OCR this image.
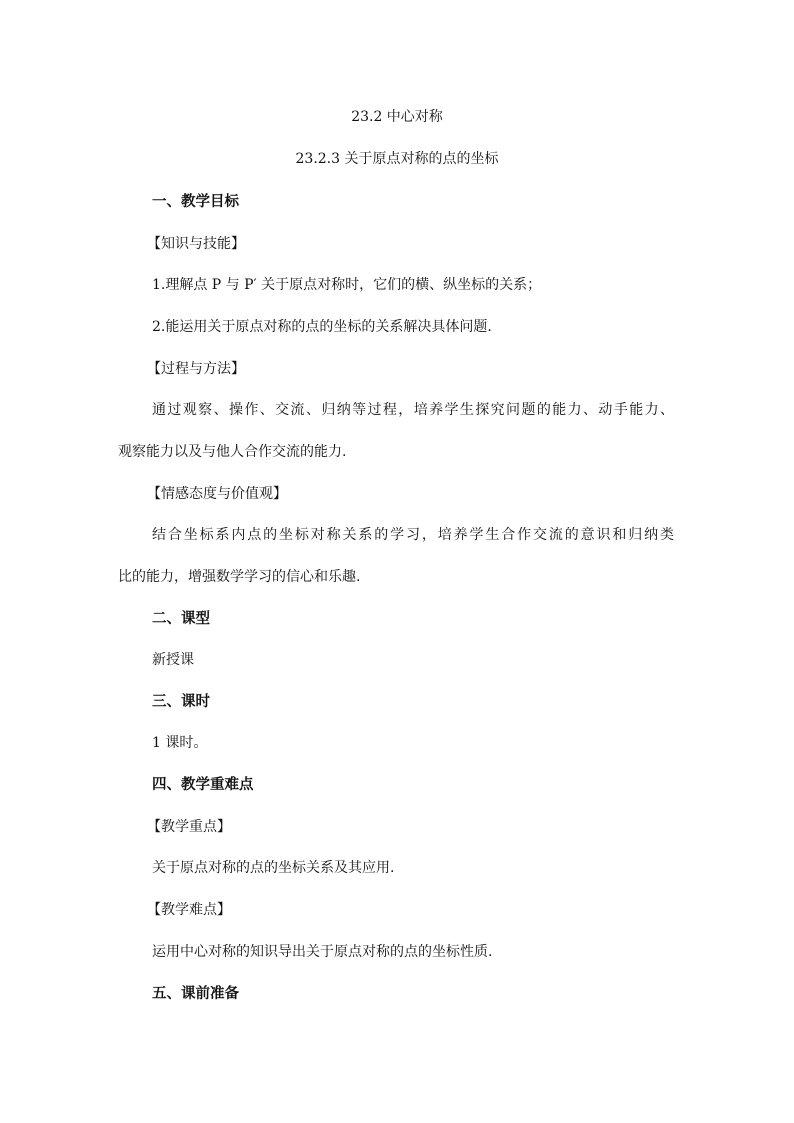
23.2 中心对称
23.2.3 关于原点对称的点的坐标
一、教学目标
【知识与技能】
1.理解点 P 与 P′ 关于原点对称时，它们的横、纵坐标的关系；
2.能运用关于原点对称的点的坐标的关系解决具体问题.
【过程与方法】
通过观察、操作、交流、归纳等过程，培养学生探究问题的能力、动手能力、
观察能力以及与他人合作交流的能力.
【情感态度与价值观】
结合坐标系内点的坐标对称关系的学习，培养学生合作交流的意识和归纳类
比的能力，增强数学学习的信心和乐趣.
二、课型
新授课
三、课时
1 课时。
四、教学重难点
【教学重点】
关于原点对称的点的坐标关系及其应用.
【教学难点】
运用中心对称的知识导出关于原点对称的点的坐标性质.
五、课前准备
